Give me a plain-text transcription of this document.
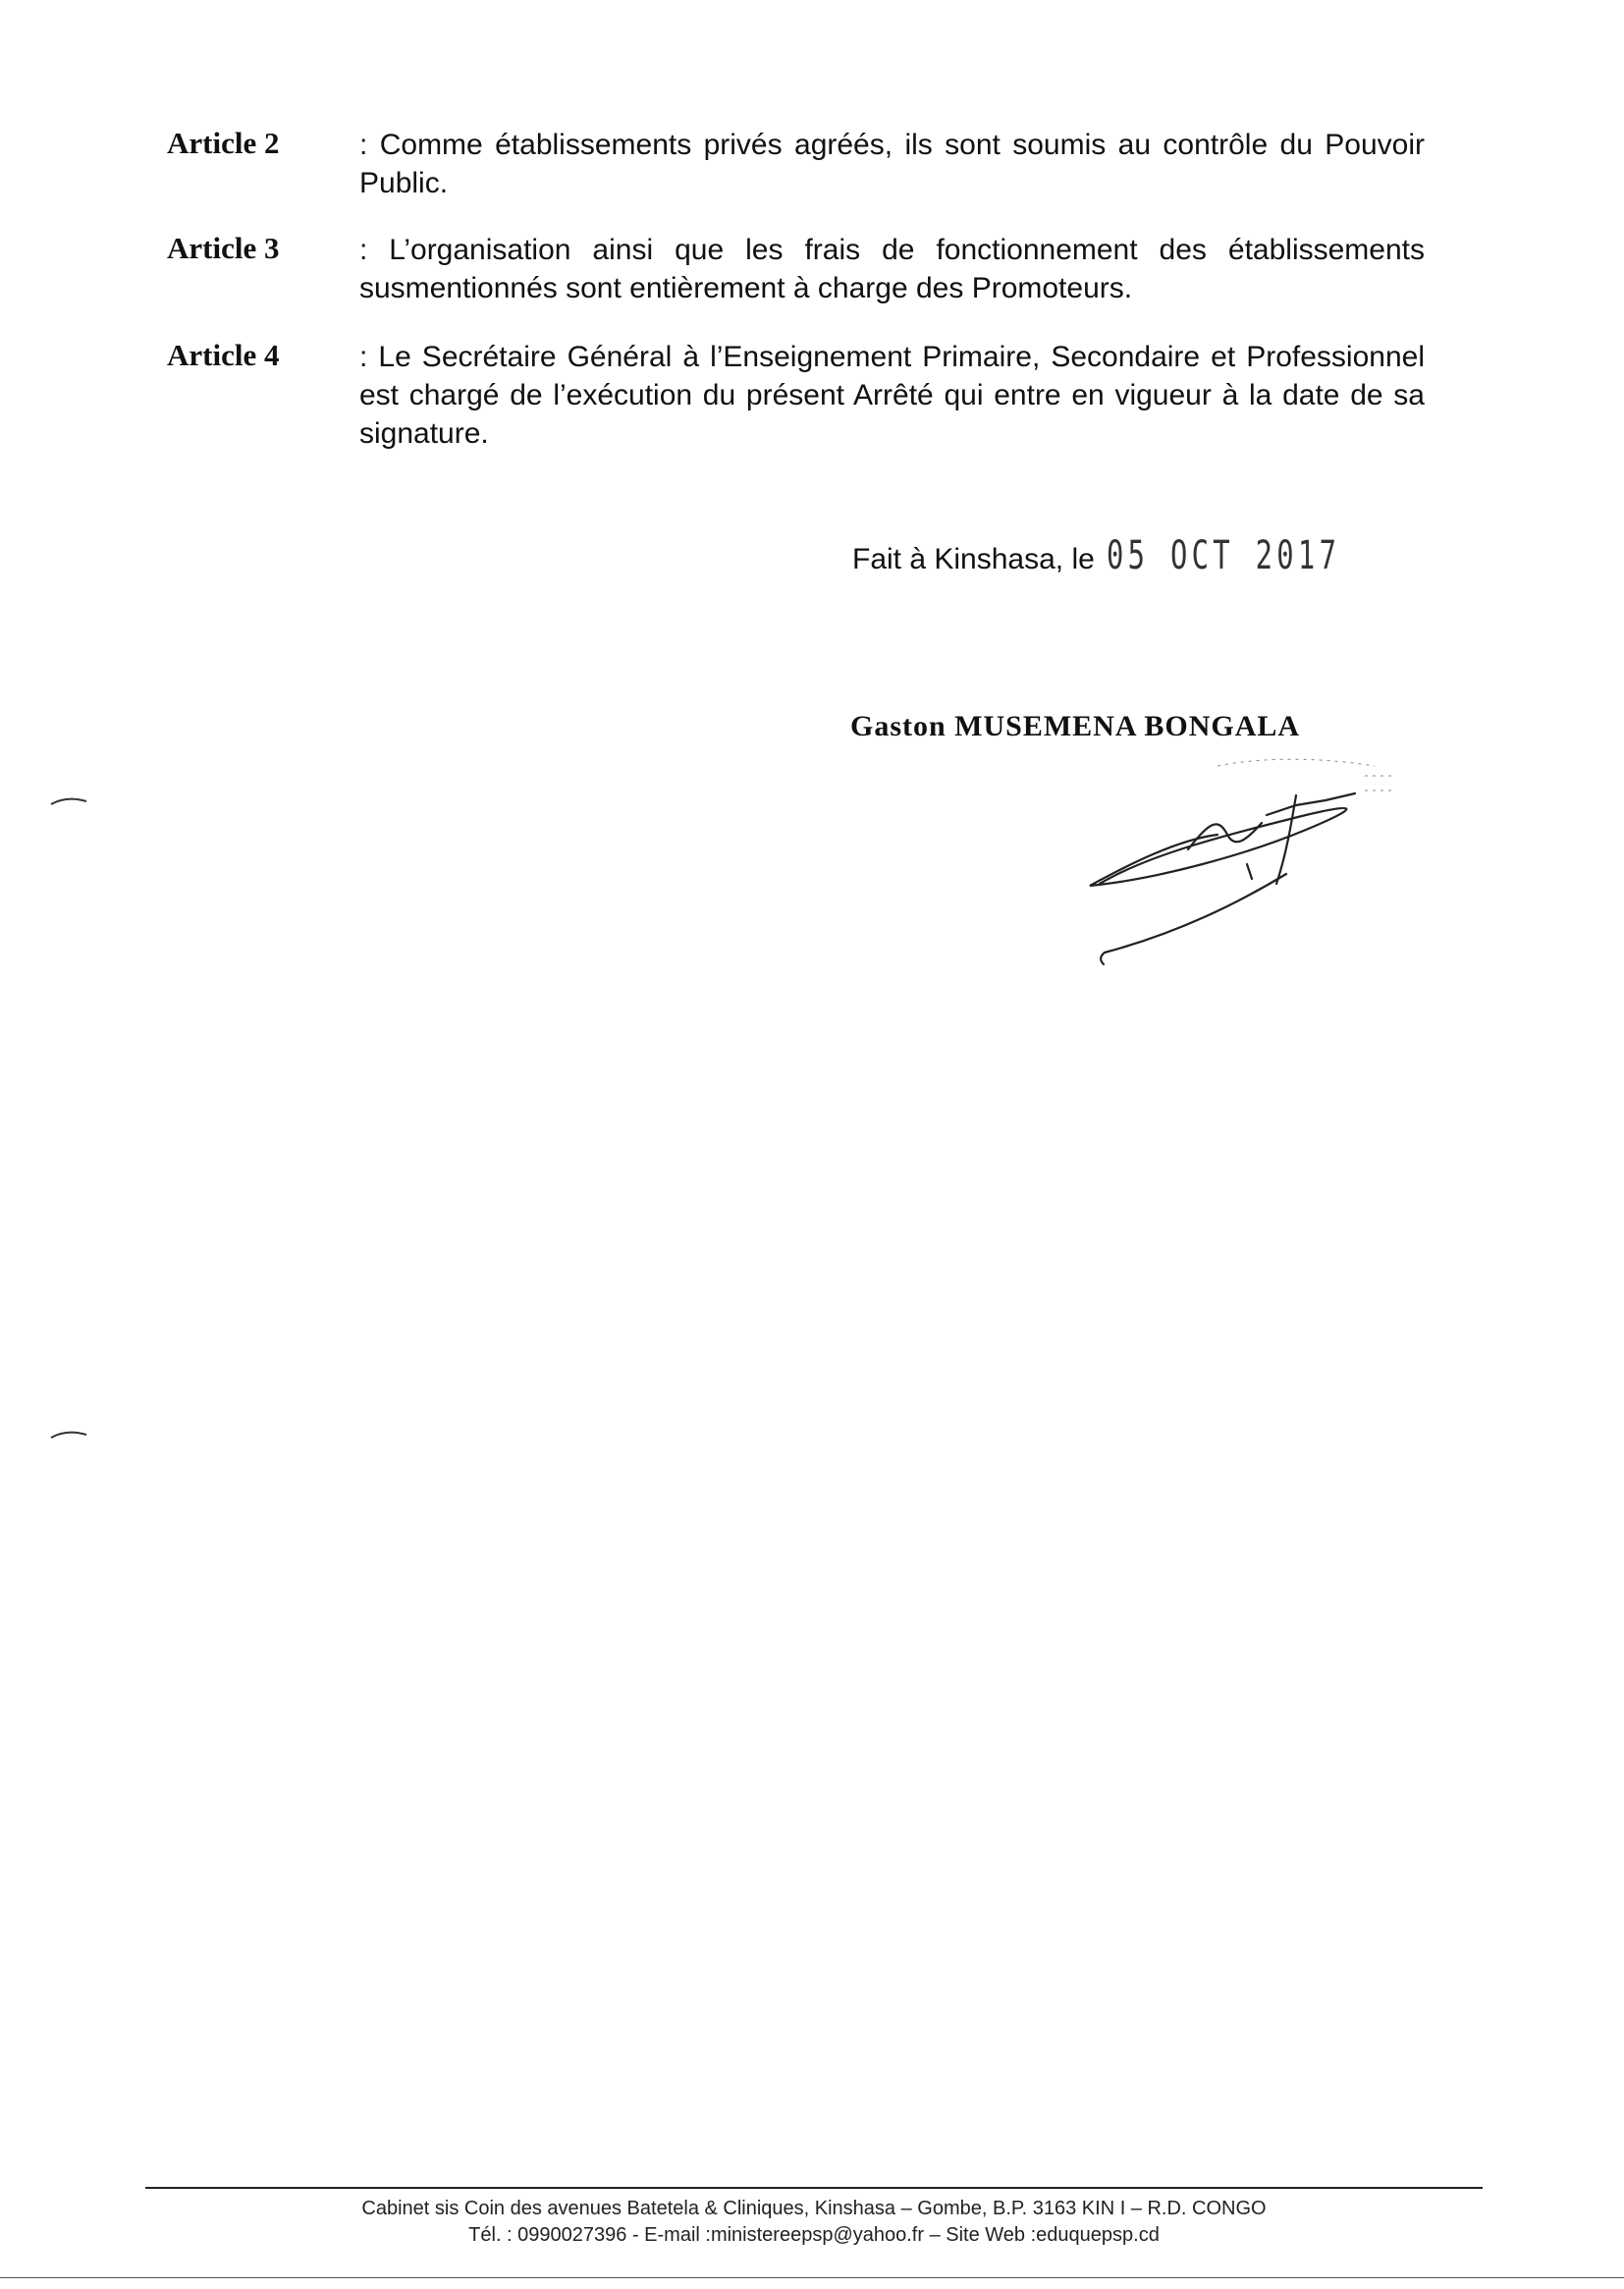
Article 2	: Comme établissements privés agréés, ils sont soumis au contrôle du Pouvoir Public.
Article 3	: L’organisation ainsi que les frais de fonctionnement des établissements susmentionnés sont entièrement à charge des Promoteurs.
Article 4	: Le Secrétaire Général à l’Enseignement Primaire, Secondaire et Professionnel est chargé de l’exécution du présent Arrêté qui entre en vigueur à la date de sa signature.
Fait à Kinshasa, le 05 OCT 2017
Gaston MUSEMENA BONGALA
Cabinet sis Coin des avenues Batetela & Cliniques, Kinshasa – Gombe, B.P. 3163 KIN I – R.D. CONGO
Tél. : 0990027396 - E-mail :ministereepsp@yahoo.fr – Site Web :eduquepsp.cd
